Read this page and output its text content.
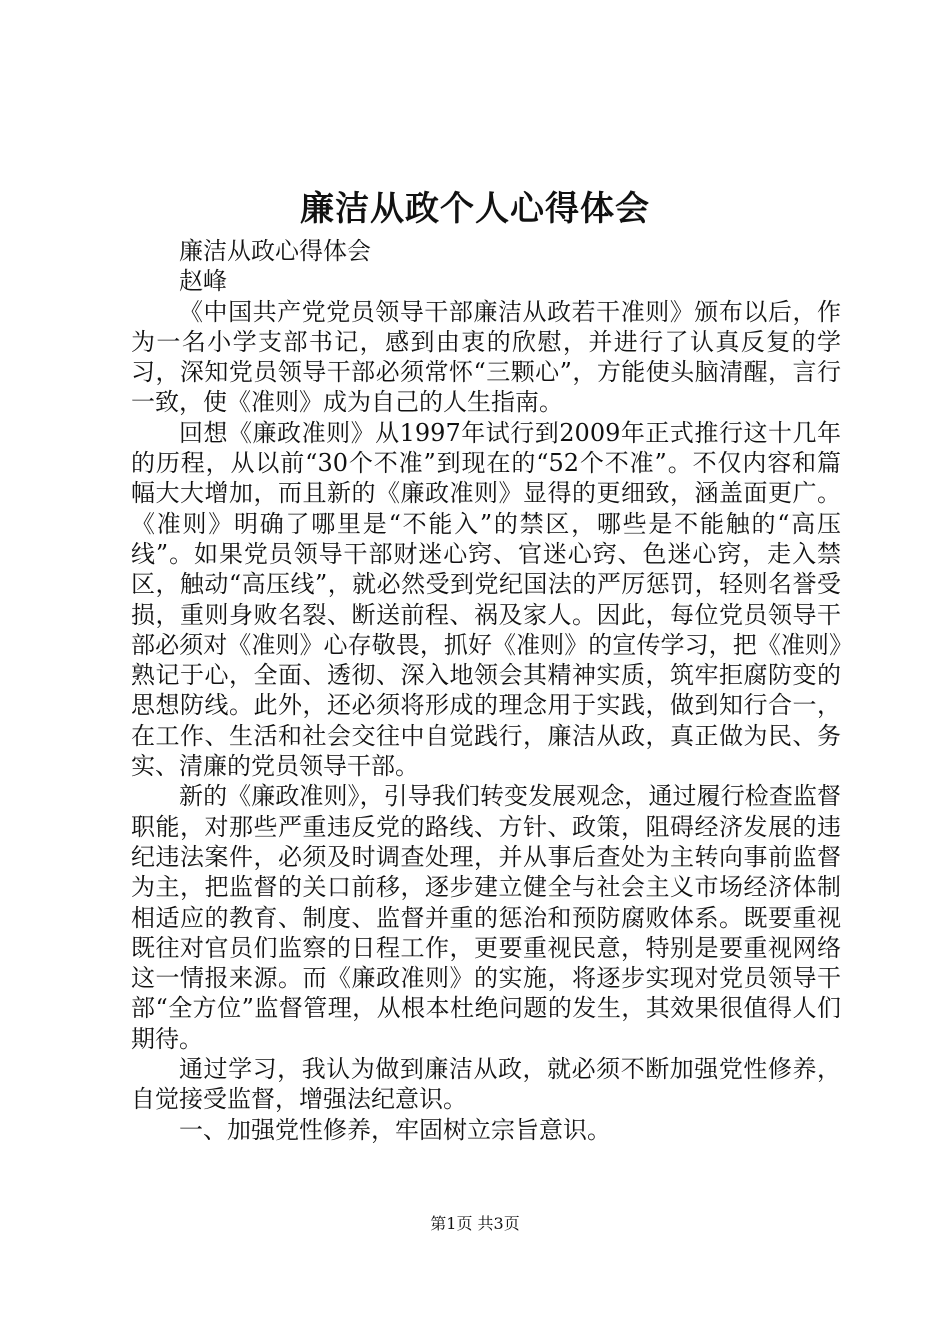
廉洁从政个人心得体会

廉洁从政心得体会

赵峰

《中国共产党党员领导干部廉洁从政若干准则》颁布以后，作为一名小学支部书记，感到由衷的欣慰，并进行了认真反复的学习，深知党员领导干部必须常怀“三颗心”，方能使头脑清醒，言行一致，使《准则》成为自己的人生指南。

回想《廉政准则》从1997年试行到2009年正式推行这十几年的历程，从以前“30个不准”到现在的“52个不准”。不仅内容和篇幅大大增加，而且新的《廉政准则》显得的更细致，涵盖面更广。《准则》明确了哪里是“不能入”的禁区，哪些是不能触的“高压线”。如果党员领导干部财迷心窍、官迷心窍、色迷心窍，走入禁区，触动“高压线”，就必然受到党纪国法的严厉惩罚，轻则名誉受损，重则身败名裂、断送前程、祸及家人。因此，每位党员领导干部必须对《准则》心存敬畏，抓好《准则》的宣传学习，把《准则》熟记于心，全面、透彻、深入地领会其精神实质，筑牢拒腐防变的思想防线。此外，还必须将形成的理念用于实践，做到知行合一，在工作、生活和社会交往中自觉践行，廉洁从政，真正做为民、务实、清廉的党员领导干部。

新的《廉政准则》，引导我们转变发展观念，通过履行检查监督职能，对那些严重违反党的路线、方针、政策，阻碍经济发展的违纪违法案件，必须及时调查处理，并从事后查处为主转向事前监督为主，把监督的关口前移，逐步建立健全与社会主义市场经济体制相适应的教育、制度、监督并重的惩治和预防腐败体系。既要重视既往对官员们监察的日程工作，更要重视民意，特别是要重视网络这一情报来源。而《廉政准则》的实施，将逐步实现对党员领导干部“全方位”监督管理，从根本杜绝问题的发生，其效果很值得人们期待。

通过学习，我认为做到廉洁从政，就必须不断加强党性修养，自觉接受监督，增强法纪意识。

一、加强党性修养，牢固树立宗旨意识。

第1页 共3页
